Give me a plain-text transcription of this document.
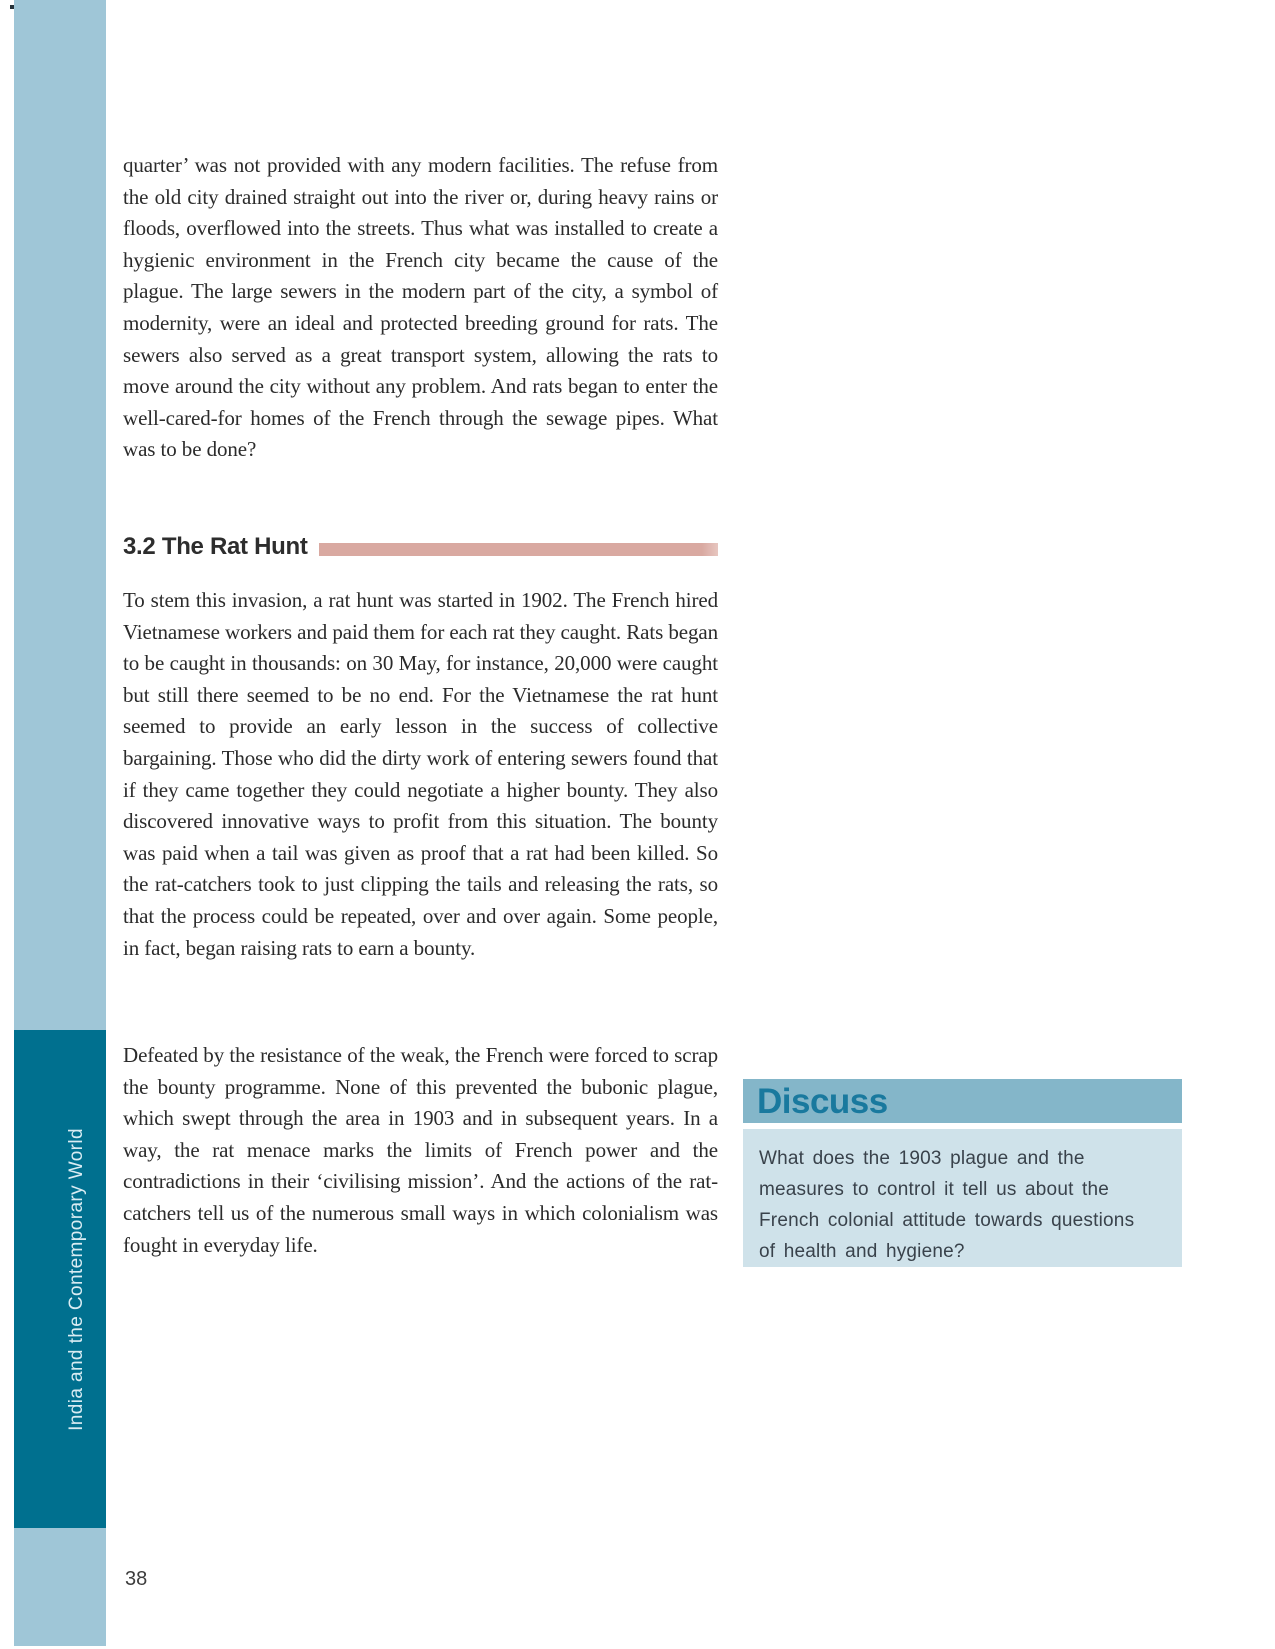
India and the Contemporary World

quarter’ was not provided with any modern facilities. The refuse from the old city drained straight out into the river or, during heavy rains or floods, overflowed into the streets. Thus what was installed to create a hygienic environment in the French city became the cause of the plague. The large sewers in the modern part of the city, a symbol of modernity, were an ideal and protected breeding ground for rats. The sewers also served as a great transport system, allowing the rats to move around the city without any problem. And rats began to enter the well-cared-for homes of the French through the sewage pipes. What was to be done?

3.2 The Rat Hunt

To stem this invasion, a rat hunt was started in 1902. The French hired Vietnamese workers and paid them for each rat they caught. Rats began to be caught in thousands: on 30 May, for instance, 20,000 were caught but still there seemed to be no end. For the Vietnamese the rat hunt seemed to provide an early lesson in the success of collective bargaining. Those who did the dirty work of entering sewers found that if they came together they could negotiate a higher bounty. They also discovered innovative ways to profit from this situation. The bounty was paid when a tail was given as proof that a rat had been killed. So the rat-catchers took to just clipping the tails and releasing the rats, so that the process could be repeated, over and over again. Some people, in fact, began raising rats to earn a bounty.

Defeated by the resistance of the weak, the French were forced to scrap the bounty programme. None of this prevented the bubonic plague, which swept through the area in 1903 and in subsequent years. In a way, the rat menace marks the limits of French power and the contradictions in their ‘civilising mission’. And the actions of the rat-catchers tell us of the numerous small ways in which colonialism was fought in everyday life.

Discuss
What does the 1903 plague and the measures to control it tell us about the French colonial attitude towards questions of health and hygiene?
38
